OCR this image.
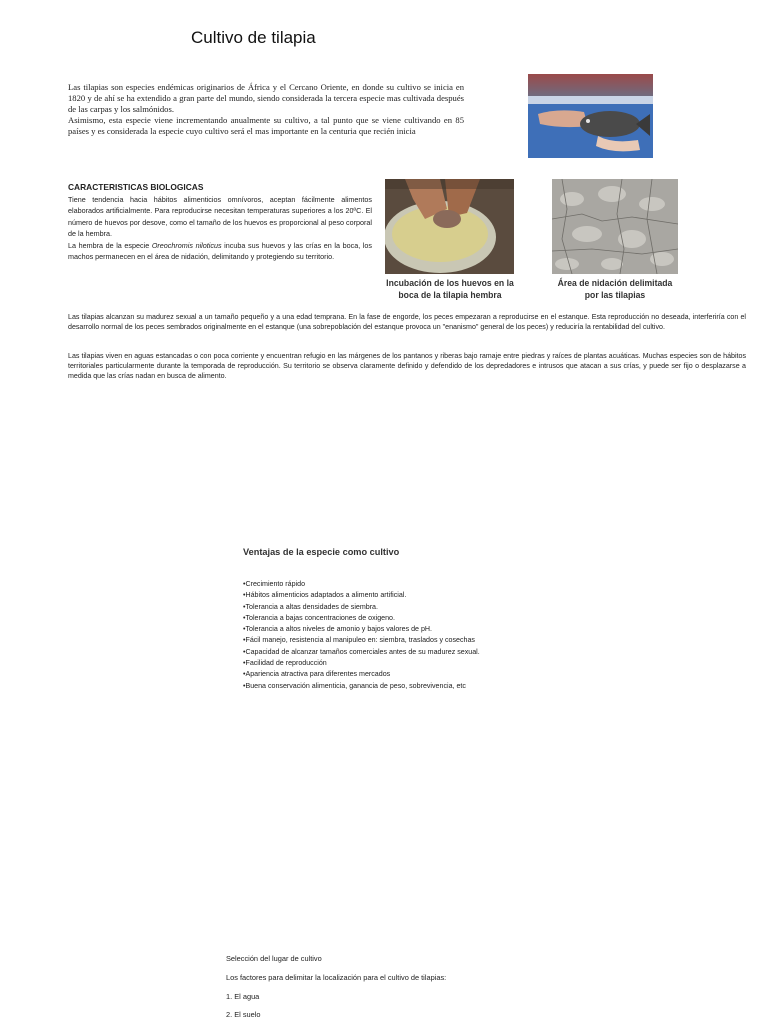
Cultivo de tilapia

Las tilapias son especies endémicas originarios de África y el Cercano Oriente, en donde su cultivo se inicia en 1820 y de ahí se ha extendido a gran parte del mundo, siendo considerada la tercera especie mas cultivada después de las carpas y los salmónidos.

Asimismo, esta especie viene incrementando anualmente su cultivo, a tal punto que se viene cultivando en 85 países y es considerada la especie cuyo cultivo será el mas importante en la centuria que recién inicia

CARACTERISTICAS BIOLOGICAS

Tiene tendencia hacia hábitos alimenticios omnívoros, aceptan fácilmente alimentos elaborados artificialmente. Para reproducirse necesitan temperaturas superiores a los 20ºC. El número de huevos por desove, como el tamaño de los huevos es proporcional al peso corporal de la hembra.

La hembra de la especie Oreochromis niloticus incuba sus huevos y las crías en la boca, los machos permanecen en el área de nidación, delimitando y protegiendo su territorio.

Incubación de los huevos en la boca de la tilapia hembra
Área de nidación delimitada por las tilapias
Las tilapias alcanzan su madurez sexual a un tamaño pequeño y a una edad temprana. En la fase de engorde, los peces empezaran a reproducirse en el estanque. Esta reproducción no deseada, interferiría con el desarrollo normal de los peces sembrados originalmente en el estanque (una sobrepoblación del estanque provoca un "enanismo" general de los peces) y reduciría la rentabilidad del cultivo.
Las tilapias viven en aguas estancadas o con poca corriente y encuentran refugio en las márgenes de los pantanos y riberas bajo ramaje entre piedras y raíces de plantas acuáticas. Muchas especies son de hábitos territoriales particularmente durante la temporada de reproducción. Su territorio se observa claramente definido y defendido de los depredadores e intrusos que atacan a sus crías, y puede ser fijo o desplazarse a medida que las crías nadan en busca de alimento.
Ventajas de la especie como cultivo
•Crecimiento rápido
•Hábitos alimenticios adaptados a alimento artificial.
•Tolerancia a altas densidades de siembra.
•Tolerancia a bajas concentraciones de oxigeno.
•Tolerancia a altos niveles de amonio y bajos valores de pH.
•Fácil manejo, resistencia al manipuleo en: siembra, traslados y cosechas
•Capacidad de alcanzar tamaños comerciales antes de su madurez sexual.
•Facilidad de reproducción
•Apariencia atractiva para diferentes mercados
•Buena conservación alimenticia, ganancia de peso, sobrevivencia, etc
Selección del lugar de cultivo
Los factores para delimitar la localización para el cultivo de tilapias:
1. El agua
2. El suelo
